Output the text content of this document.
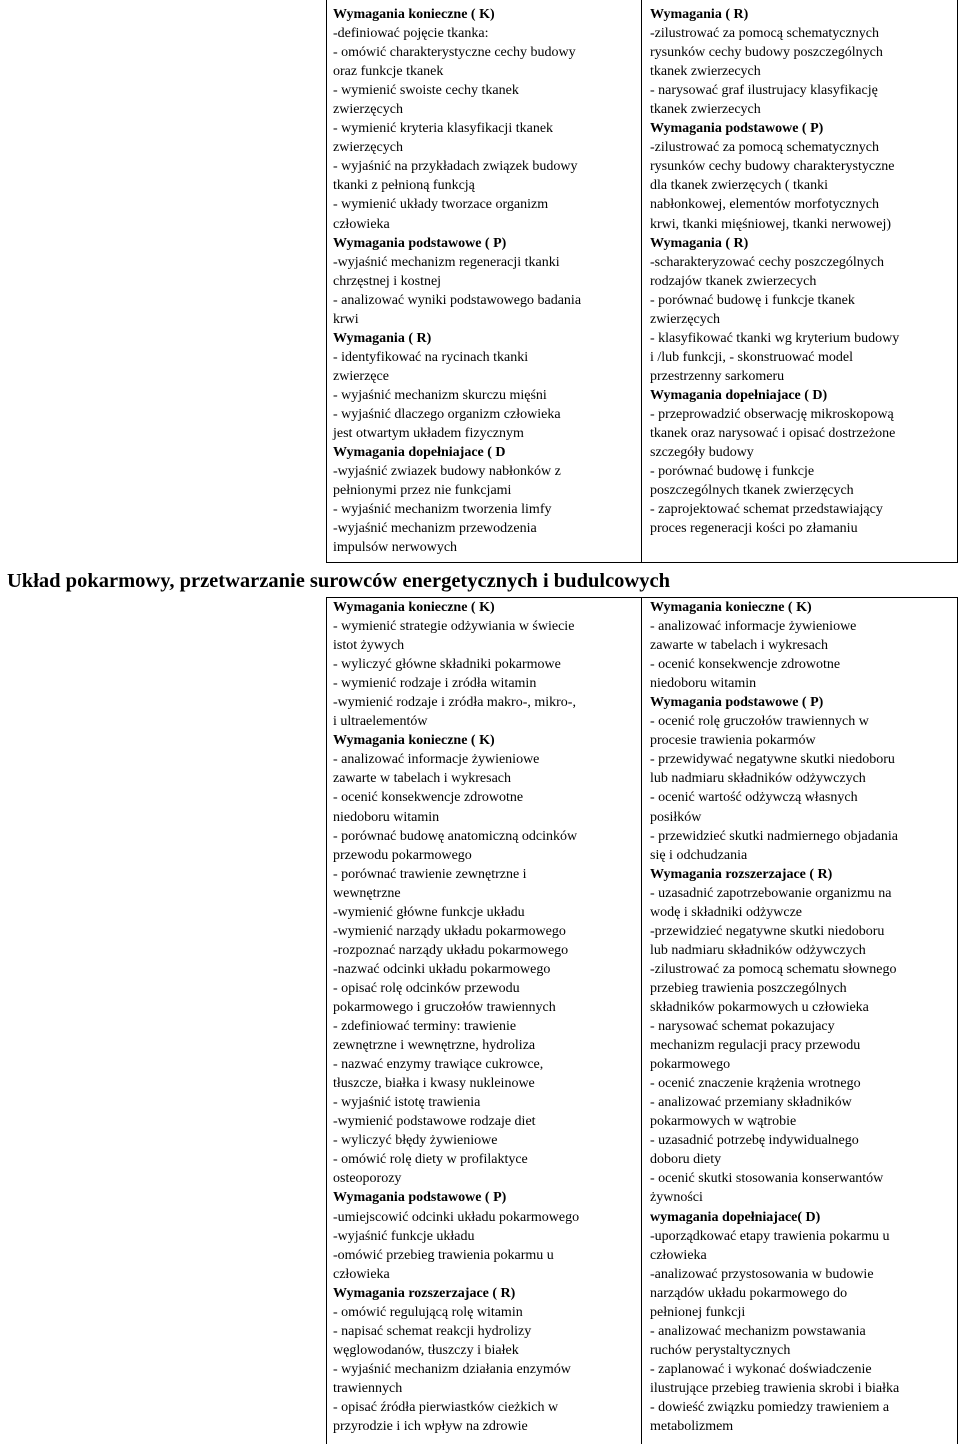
Wymagania konieczne ( K)
-definiować pojęcie tkanka:
- omówić charakterystyczne cechy budowy
oraz funkcje tkanek
- wymienić swoiste cechy tkanek
zwierzęcych
- wymienić kryteria klasyfikacji tkanek
zwierzęcych
- wyjaśnić na przykładach związek budowy
tkanki z pełnioną funkcją
- wymienić układy tworzace organizm
człowieka
Wymagania podstawowe ( P)
-wyjaśnić mechanizm regeneracji tkanki
chrzęstnej i kostnej
- analizować wyniki podstawowego badania
krwi
Wymagania ( R)
- identyfikować na rycinach tkanki
zwierzęce
- wyjaśnić mechanizm skurczu mięśni
- wyjaśnić dlaczego organizm człowieka
jest otwartym układem fizycznym
Wymagania dopełniajace ( D
-wyjaśnić zwiazek budowy nabłonków z
pełnionymi przez nie funkcjami
- wyjaśnić mechanizm tworzenia limfy
-wyjaśnić mechanizm przewodzenia
impulsów nerwowych
Wymagania ( R)
-zilustrować za pomocą schematycznych
rysunków cechy budowy poszczególnych
tkanek zwierzecych
- narysować graf ilustrujacy klasyfikację
tkanek zwierzecych
Wymagania podstawowe ( P)
-zilustrować za pomocą schematycznych
rysunków cechy budowy charakterystyczne
dla tkanek zwierzęcych ( tkanki
nabłonkowej, elementów morfotycznych
krwi, tkanki mięśniowej, tkanki nerwowej)
Wymagania ( R)
-scharakteryzować cechy poszczególnych
rodzajów tkanek zwierzecych
- porównać budowę i funkcje tkanek
zwierzęcych
- klasyfikować tkanki wg kryterium budowy
i /lub funkcji, - skonstruować model
przestrzenny sarkomeru
Wymagania dopełniajace ( D)
- przeprowadzić obserwację mikroskopową
tkanek oraz narysować i opisać dostrzeżone
szczegóły budowy
- porównać budowę i funkcje
poszczególnych tkanek zwierzęcych
- zaprojektować schemat przedstawiający
proces regeneracji kości po złamaniu
Układ pokarmowy, przetwarzanie surowców energetycznych i budulcowych
Wymagania konieczne ( K)
- wymienić strategie odżywiania w świecie
istot żywych
- wyliczyć główne składniki pokarmowe
- wymienić rodzaje i zródła witamin
-wymienić rodzaje i zródła makro-, mikro-,
i ultraelementów
Wymagania konieczne ( K)
- analizować informacje żywieniowe
zawarte w tabelach i wykresach
- ocenić konsekwencje zdrowotne
niedoboru witamin
- porównać budowę anatomiczną odcinków
przewodu pokarmowego
- porównać trawienie zewnętrzne i
wewnętrzne
-wymienić główne funkcje układu
-wymienić narządy układu pokarmowego
-rozpoznać narządy układu pokarmowego
-nazwać odcinki układu pokarmowego
- opisać rolę odcinków przewodu
pokarmowego i gruczołów trawiennych
- zdefiniować terminy: trawienie
zewnętrzne i wewnętrzne, hydroliza
- nazwać enzymy trawiące cukrowce,
tłuszcze, białka i kwasy nukleinowe
- wyjaśnić istotę trawienia
-wymienić podstawowe rodzaje diet
- wyliczyć błędy żywieniowe
- omówić rolę diety w profilaktyce
osteoporozy
Wymagania podstawowe ( P)
-umiejscowić odcinki układu pokarmowego
-wyjaśnić funkcje układu
-omówić przebieg trawienia pokarmu u
człowieka
Wymagania rozszerzajace ( R)
- omówić regulującą rolę witamin
- napisać schemat reakcji hydrolizy
węglowodanów, tłuszczy i białek
- wyjaśnić mechanizm działania enzymów
trawiennych
- opisać źródła pierwiastków cieżkich w
przyrodzie i ich wpływ na zdrowie
Wymagania konieczne ( K)
- analizować informacje żywieniowe
zawarte w tabelach i wykresach
- ocenić konsekwencje zdrowotne
niedoboru witamin
Wymagania podstawowe ( P)
- ocenić rolę gruczołów trawiennych w
procesie trawienia pokarmów
- przewidywać negatywne skutki niedoboru
lub nadmiaru składników odżywczych
- ocenić wartość odżywczą własnych
posiłków
- przewidzieć skutki nadmiernego objadania
się i odchudzania
Wymagania rozszerzajace ( R)
- uzasadnić zapotrzebowanie organizmu na
wodę i składniki odżywcze
-przewidzieć negatywne skutki niedoboru
lub nadmiaru składników odżywczych
-zilustrować za pomocą schematu słownego
przebieg trawienia poszczególnych
składników pokarmowych u człowieka
- narysować schemat pokazujacy
mechanizm regulacji pracy przewodu
pokarmowego
- ocenić znaczenie krążenia wrotnego
- analizować przemiany składników
pokarmowych w wątrobie
- uzasadnić potrzebę indywidualnego
doboru diety
- ocenić skutki stosowania konserwantów
żywności
wymagania dopełniajace( D)
-uporządkować etapy trawienia pokarmu u
człowieka
-analizować przystosowania w budowie
narządów układu pokarmowego do
pełnionej funkcji
- analizować mechanizm powstawania
ruchów perystaltycznych
- zaplanować i wykonać doświadczenie
ilustrujące przebieg trawienia skrobi i białka
- dowieść związku pomiedzy trawieniem a
metabolizmem
